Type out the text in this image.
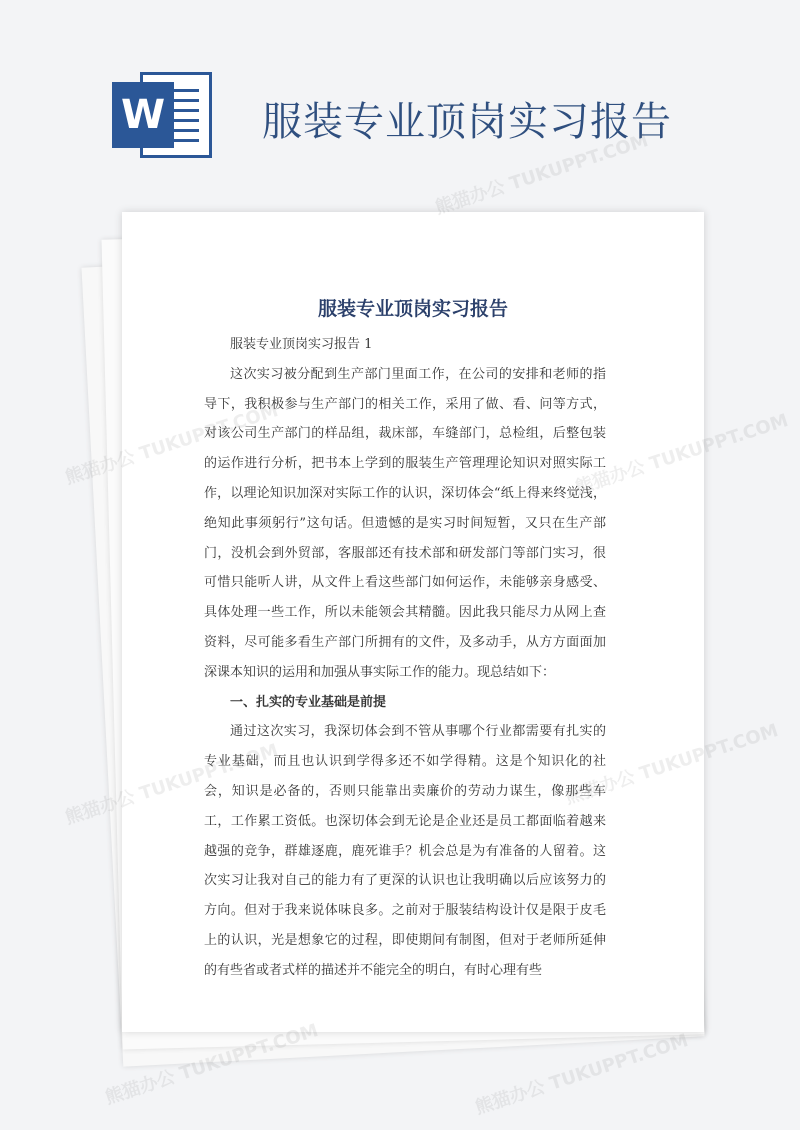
W 服装专业顶岗实习报告
服装专业顶岗实习报告

服装专业顶岗实习报告 1

这次实习被分配到生产部门里面工作，在公司的安排和老师的指导下，我积极参与生产部门的相关工作，采用了做、看、问等方式，对该公司生产部门的样品组，裁床部，车缝部门，总检组，后整包装的运作进行分析，把书本上学到的服装生产管理理论知识对照实际工作，以理论知识加深对实际工作的认识，深切体会“纸上得来终觉浅，绝知此事须躬行”这句话。但遗憾的是实习时间短暂，又只在生产部门，没机会到外贸部，客服部还有技术部和研发部门等部门实习，很可惜只能听人讲，从文件上看这些部门如何运作，未能够亲身感受、具体处理一些工作，所以未能领会其精髓。因此我只能尽力从网上查资料，尽可能多看生产部门所拥有的文件，及多动手，从方方面面加深课本知识的运用和加强从事实际工作的能力。现总结如下：

一、扎实的专业基础是前提

通过这次实习，我深切体会到不管从事哪个行业都需要有扎实的专业基础，而且也认识到学得多还不如学得精。这是个知识化的社会，知识是必备的，否则只能靠出卖廉价的劳动力谋生，像那些车工，工作累工资低。也深切体会到无论是企业还是员工都面临着越来越强的竞争，群雄逐鹿，鹿死谁手？机会总是为有准备的人留着。这次实习让我对自己的能力有了更深的认识也让我明确以后应该努力的方向。但对于我来说体味良多。之前对于服装结构设计仅是限于皮毛上的认识，光是想象它的过程，即使期间有制图，但对于老师所延伸的有些省或者式样的描述并不能完全的明白，有时心理有些

熊猫办公 TUKUPPT.COM
TUKUPPT.COM
熊猫办公
TUKUPPT.COM
熊猫办公 TUKUPPT.COM	熊猫办公 TUKUPPT.COM
